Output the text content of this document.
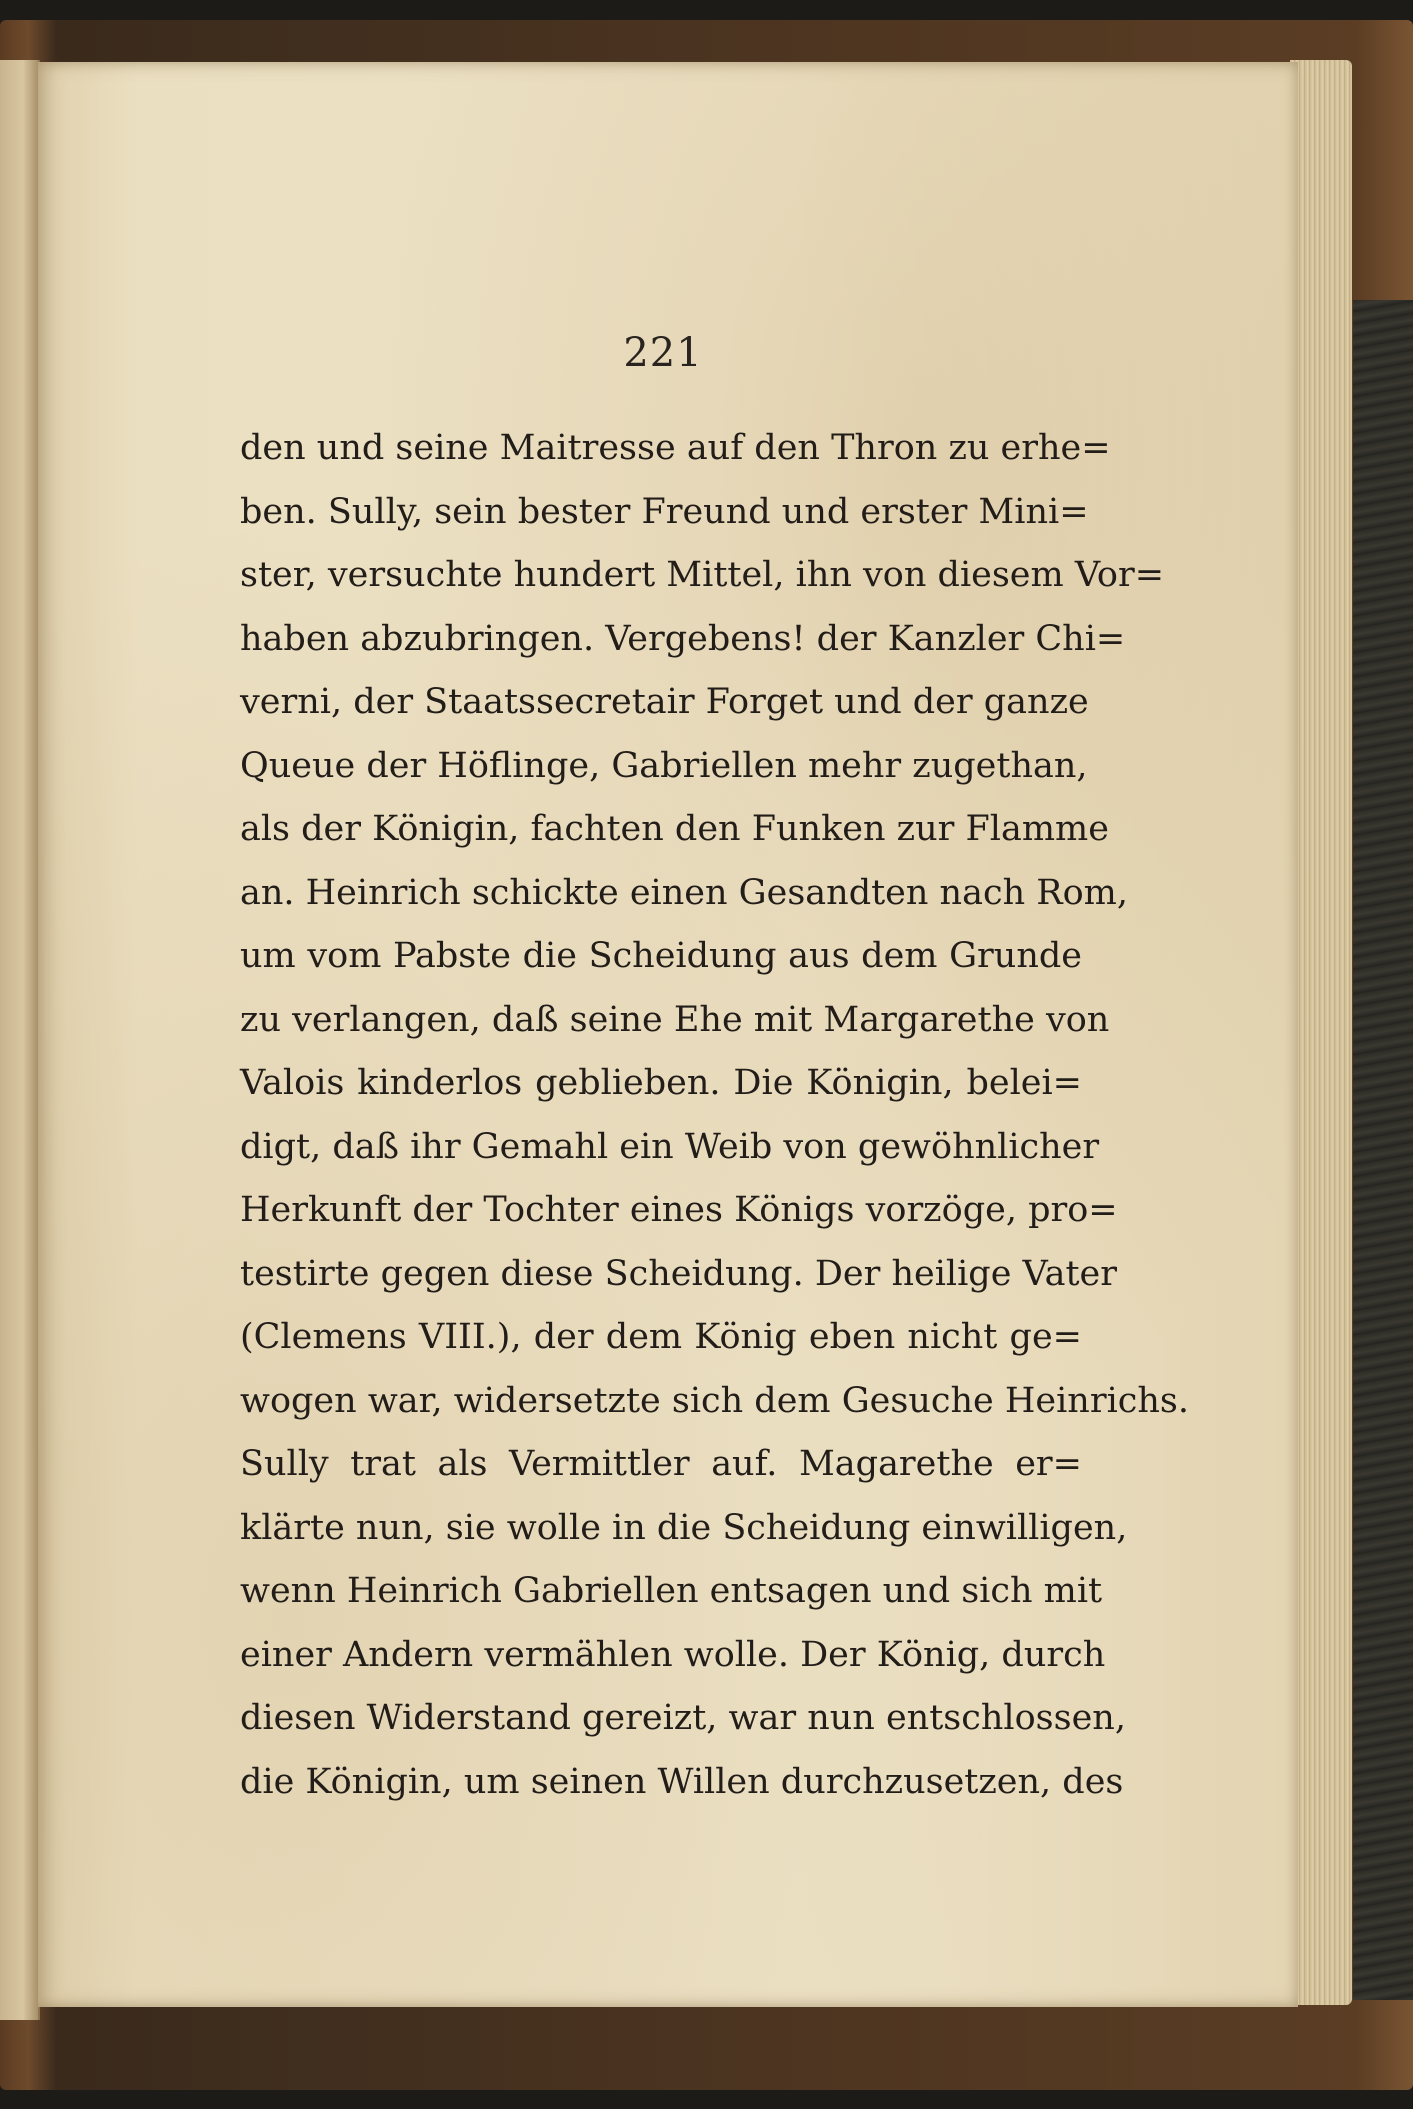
221
den und seine Maitresse auf den Thron zu erhe=
ben. Sully, sein bester Freund und erster Mini=
ster, versuchte hundert Mittel, ihn von diesem Vor=
haben abzubringen. Vergebens! der Kanzler Chi=
verni, der Staatssecretair Forget und der ganze
Queue der Höflinge, Gabriellen mehr zugethan,
als der Königin, fachten den Funken zur Flamme
an. Heinrich schickte einen Gesandten nach Rom,
um vom Pabste die Scheidung aus dem Grunde
zu verlangen, daß seine Ehe mit Margarethe von
Valois kinderlos geblieben. Die Königin, belei=
digt, daß ihr Gemahl ein Weib von gewöhnlicher
Herkunft der Tochter eines Königs vorzöge, pro=
testirte gegen diese Scheidung. Der heilige Vater
(Clemens VIII.), der dem König eben nicht ge=
wogen war, widersetzte sich dem Gesuche Heinrichs.
Sully trat als Vermittler auf. Magarethe er=
klärte nun, sie wolle in die Scheidung einwilligen,
wenn Heinrich Gabriellen entsagen und sich mit
einer Andern vermählen wolle. Der König, durch
diesen Widerstand gereizt, war nun entschlossen,
die Königin, um seinen Willen durchzusetzen, des
